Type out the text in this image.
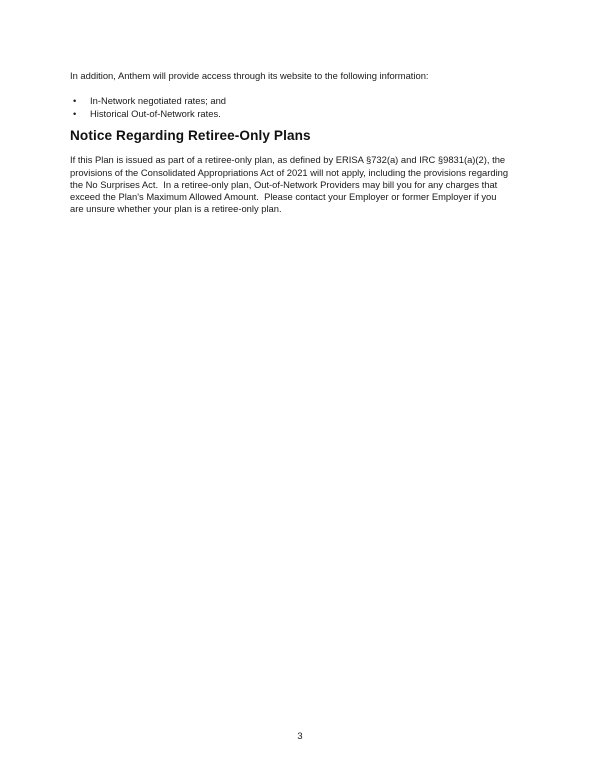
In addition, Anthem will provide access through its website to the following information:
• In-Network negotiated rates; and
• Historical Out-of-Network rates.
Notice Regarding Retiree-Only Plans
If this Plan is issued as part of a retiree-only plan, as defined by ERISA §732(a) and IRC §9831(a)(2), the
provisions of the Consolidated Appropriations Act of 2021 will not apply, including the provisions regarding
the No Surprises Act.  In a retiree-only plan, Out-of-Network Providers may bill you for any charges that
exceed the Plan's Maximum Allowed Amount.  Please contact your Employer or former Employer if you
are unsure whether your plan is a retiree-only plan.
3
